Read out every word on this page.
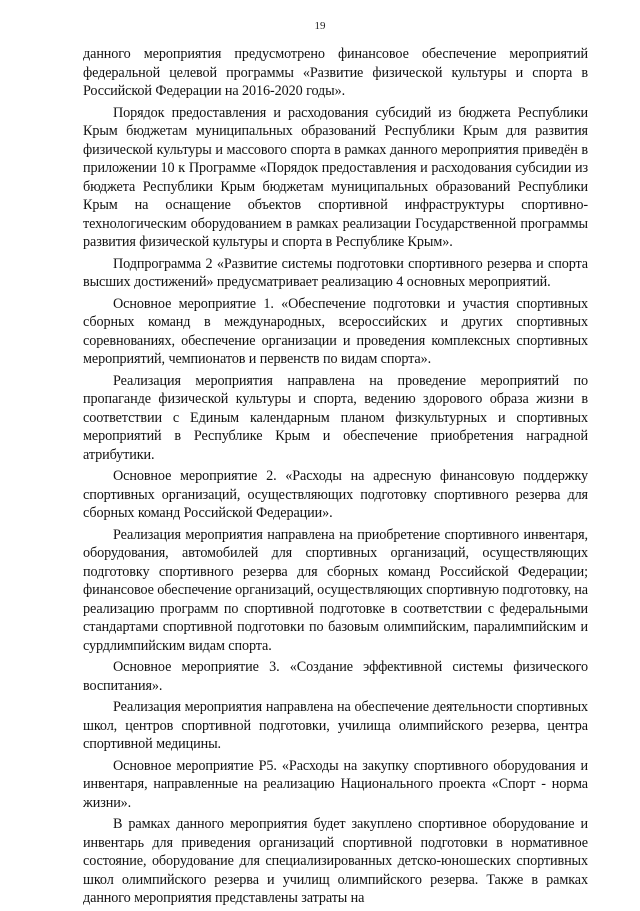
19

данного мероприятия предусмотрено финансовое обеспечение мероприятий федеральной целевой программы «Развитие физической культуры и спорта в Российской Федерации на 2016-2020 годы».

Порядок предоставления и расходования субсидий из бюджета Республики Крым бюджетам муниципальных образований Республики Крым для развития физической культуры и массового спорта в рамках данного мероприятия приведён в приложении 10 к Программе «Порядок предоставления и расходования субсидии из бюджета Республики Крым бюджетам муниципальных образований Республики Крым на оснащение объектов спортивной инфраструктуры спортивно-технологическим оборудованием в рамках реализации Государственной программы развития физической культуры и спорта в Республике Крым».

Подпрограмма 2 «Развитие системы подготовки спортивного резерва и спорта высших достижений» предусматривает реализацию 4 основных мероприятий.

Основное мероприятие 1. «Обеспечение подготовки и участия спортивных сборных команд в международных, всероссийских и других спортивных соревнованиях, обеспечение организации и проведения комплексных спортивных мероприятий, чемпионатов и первенств по видам спорта».

Реализация мероприятия направлена на проведение мероприятий по пропаганде физической культуры и спорта, ведению здорового образа жизни в соответствии с Единым календарным планом физкультурных и спортивных мероприятий в Республике Крым и обеспечение приобретения наградной атрибутики.

Основное мероприятие 2. «Расходы на адресную финансовую поддержку спортивных организаций, осуществляющих подготовку спортивного резерва для сборных команд Российской Федерации».

Реализация мероприятия направлена на приобретение спортивного инвентаря, оборудования, автомобилей для спортивных организаций, осуществляющих подготовку спортивного резерва для сборных команд Российской Федерации; финансовое обеспечение организаций, осуществляющих спортивную подготовку, на реализацию программ по спортивной подготовке в соответствии с федеральными стандартами спортивной подготовки по базовым олимпийским, паралимпийским и сурдлимпийским видам спорта.

Основное мероприятие 3. «Создание эффективной системы физического воспитания».

Реализация мероприятия направлена на обеспечение деятельности спортивных школ, центров спортивной подготовки, училища олимпийского резерва, центра спортивной медицины.

Основное мероприятие Р5. «Расходы на закупку спортивного оборудования и инвентаря, направленные на реализацию Национального проекта «Спорт - норма жизни».

В рамках данного мероприятия будет закуплено спортивное оборудование и инвентарь для приведения организаций спортивной подготовки в нормативное состояние, оборудование для специализированных детско-юношеских спортивных школ олимпийского резерва и училищ олимпийского резерва. Также в рамках данного мероприятия представлены затраты на
